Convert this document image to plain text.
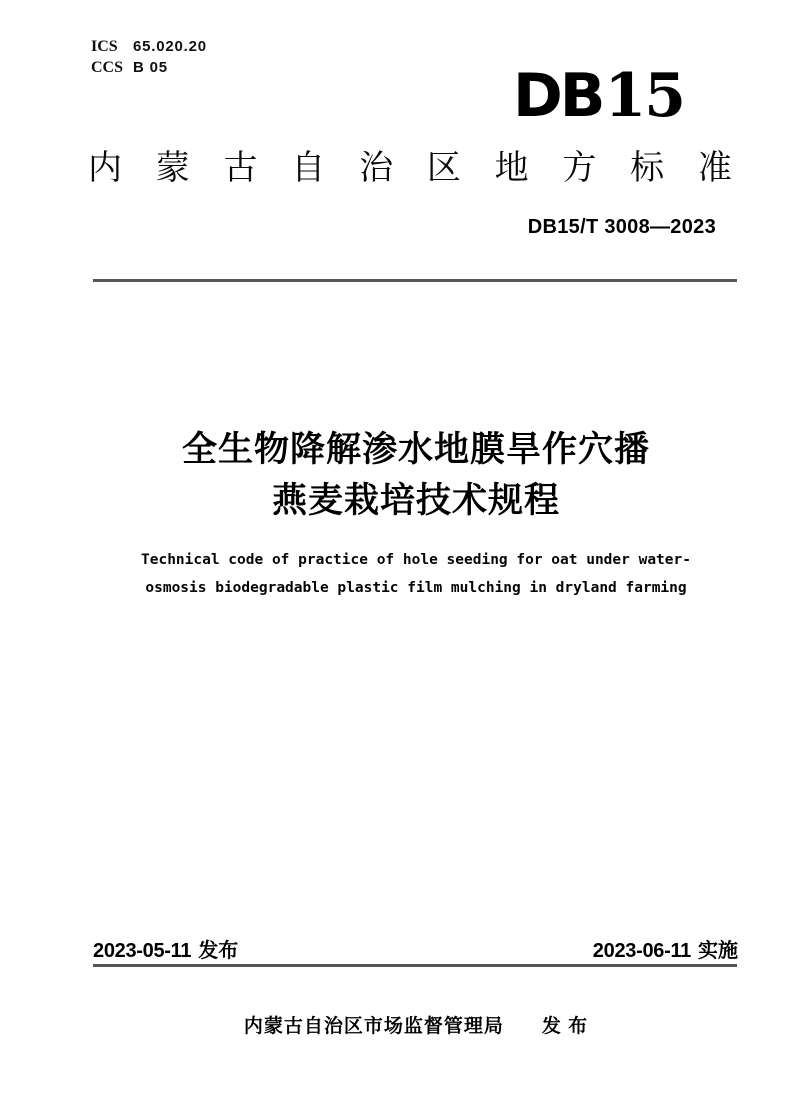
ICS 65.020.20
CCS B 05	DB15
内 蒙 古 自 治 区 地 方 标 准
DB15/T 3008—2023
全生物降解渗水地膜旱作穴播
燕麦栽培技术规程
Technical code of practice of hole seeding for oat under water-
osmosis biodegradable plastic film mulching in dryland farming
2023-05-11 发布	2023-06-11 实施
内蒙古自治区市场监督管理局 发 布
